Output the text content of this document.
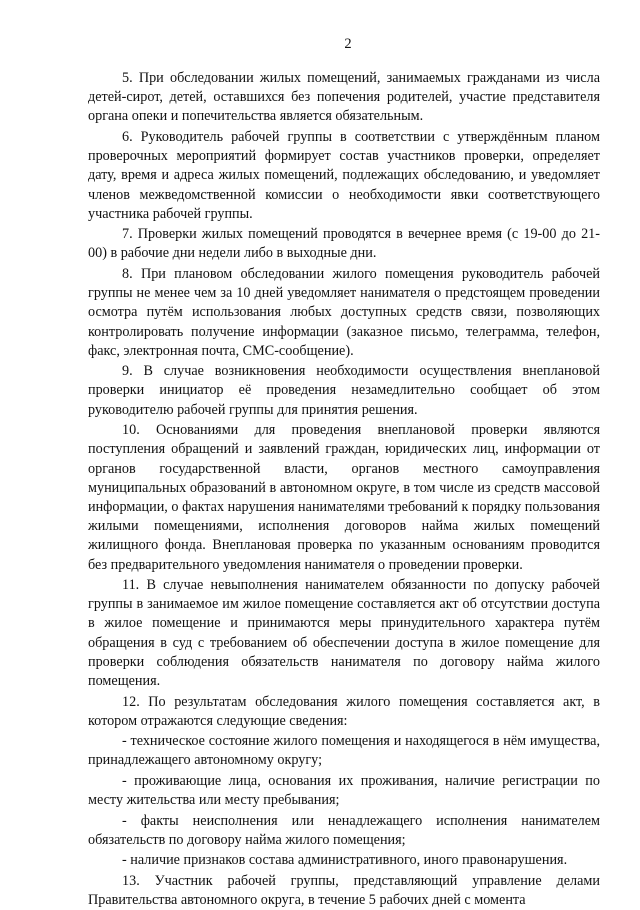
2

5. При обследовании жилых помещений, занимаемых гражданами из числа детей-сирот, детей, оставшихся без попечения родителей, участие представителя органа опеки и попечительства является обязательным.

6. Руководитель рабочей группы в соответствии с утверждённым планом проверочных мероприятий формирует состав участников проверки, определяет дату, время и адреса жилых помещений, подлежащих обследованию, и уведомляет членов межведомственной комиссии о необходимости явки соответствующего участника рабочей группы.

7. Проверки жилых помещений проводятся в вечернее время (с 19-00 до 21-00) в рабочие дни недели либо в выходные дни.

8. При плановом обследовании жилого помещения руководитель рабочей группы не менее чем за 10 дней уведомляет нанимателя о предстоящем проведении осмотра путём использования любых доступных средств связи, позволяющих контролировать получение информации (заказное письмо, телеграмма, телефон, факс, электронная почта, СМС-сообщение).

9. В случае возникновения необходимости осуществления внеплановой проверки инициатор её проведения незамедлительно сообщает об этом руководителю рабочей группы для принятия решения.

10. Основаниями для проведения внеплановой проверки являются поступления обращений и заявлений граждан, юридических лиц, информации от органов государственной власти, органов местного самоуправления муниципальных образований в автономном округе, в том числе из средств массовой информации, о фактах нарушения нанимателями требований к порядку пользования жилыми помещениями, исполнения договоров найма жилых помещений жилищного фонда. Внеплановая проверка по указанным основаниям проводится без предварительного уведомления нанимателя о проведении проверки.

11. В случае невыполнения нанимателем обязанности по допуску рабочей группы в занимаемое им жилое помещение составляется акт об отсутствии доступа в жилое помещение и принимаются меры принудительного характера путём обращения в суд с требованием об обеспечении доступа в жилое помещение для проверки соблюдения обязательств нанимателя по договору найма жилого помещения.

12. По результатам обследования жилого помещения составляется акт, в котором отражаются следующие сведения:

- техническое состояние жилого помещения и находящегося в нём имущества, принадлежащего автономному округу;

- проживающие лица, основания их проживания, наличие регистрации по месту жительства или месту пребывания;

- факты неисполнения или ненадлежащего исполнения нанимателем обязательств по договору найма жилого помещения;

- наличие признаков состава административного, иного правонарушения.

13. Участник рабочей группы, представляющий управление делами Правительства автономного округа, в течение 5 рабочих дней с момента
